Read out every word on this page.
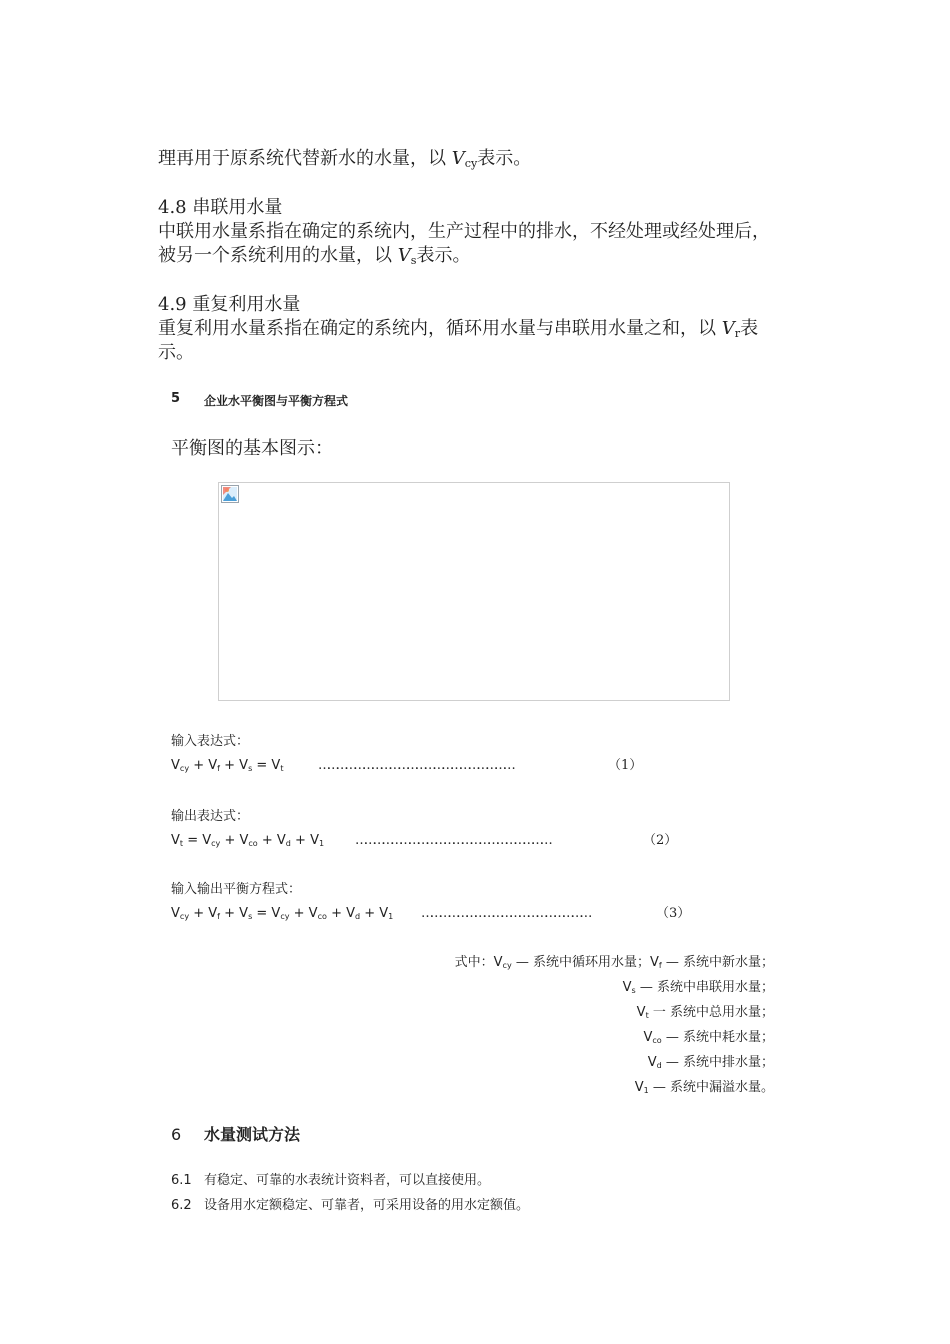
理再用于原系统代替新水的水量，以 $V_{cy}$表示。
4.8 串联用水量
中联用水量系指在确定的系统内，生产过程中的排水，不经处理或经处理后，
被另一个系统利用的水量，以 $V_s$表示。
4.9 重复利用水量
重复利用水量系指在确定的系统内，循环用水量与串联用水量之和，以 $V_r$表
示。
5 企业水平衡图与平衡方程式
平衡图的基本图示：
输入表达式：
$V_{cy} + V_f + V_s = V_t$	…………………………………………………………	（1）
输出表达式：
$V_t = V_{cy} + V_{co} + V_d + V_1$ …………………………………………………………	（2）
输入输出平衡方程式：
$V_{cy} + V_f + V_s = V_{cy} + V_{co} + V_d + V_1$ …………………………………………………	（3）
式中：$V_{cy}$ — 系统中循环用水量；$V_f$ — 系统中新水量；
$V_s$ — 系统中串联用水量；
$V_t$ 一 系统中总用水量；
$V_{co}$ — 系统中耗水量；
$V_d$ — 系统中排水量；
$V_1$ — 系统中漏溢水量。
6 水量测试方法
6.1 有稳定、可靠的水表统计资料者，可以直接使用。
6.2 设备用水定额稳定、可靠者，可采用设备的用水定额值。
